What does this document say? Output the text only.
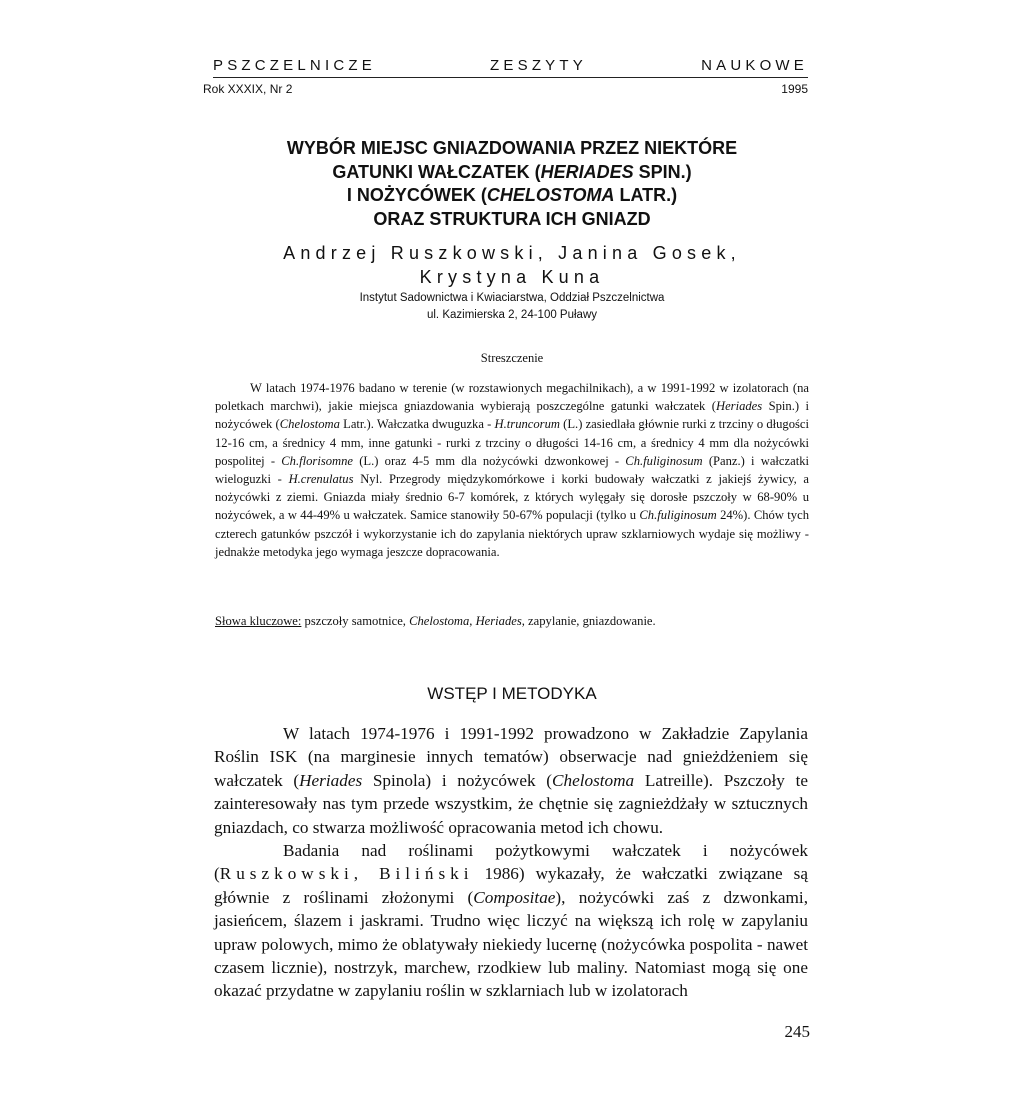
PSZCZELNICZE	ZESZYTY	NAUKOWE
Rok XXXIX, Nr 2	1995
WYBÓR MIEJSC GNIAZDOWANIA PRZEZ NIEKTÓRE
GATUNKI WAŁCZATEK (HERIADES SPIN.)
I NOŻYCÓWEK (CHELOSTOMA LATR.)
ORAZ STRUKTURA ICH GNIAZD
Andrzej Ruszkowski, Janina Gosek,
Krystyna Kuna
Instytut Sadownictwa i Kwiaciarstwa, Oddział Pszczelnictwa
ul. Kazimierska 2, 24-100 Puławy
Streszczenie

W latach 1974-1976 badano w terenie (w rozstawionych megachilnikach), a w 1991-1992 w izolatorach (na poletkach marchwi), jakie miejsca gniazdowania wybierają poszczególne gatunki wałczatek (Heriades Spin.) i nożycówek (Chelostoma Latr.). Wałczatka dwuguzka - H.truncorum (L.) zasiedlała głównie rurki z trzciny o długości 12-16 cm, a średnicy 4 mm, inne gatunki - rurki z trzciny o długości 14-16 cm, a średnicy 4 mm dla nożycówki pospolitej - Ch.florisomne (L.) oraz 4-5 mm dla nożycówki dzwonkowej - Ch.fuliginosum (Panz.) i wałczatki wieloguzki - H.crenulatus Nyl. Przegrody międzykomórkowe i korki budowały wałczatki z jakiejś żywicy, a nożycówki z ziemi. Gniazda miały średnio 6-7 komórek, z których wylęgały się dorosłe pszczoły w 68-90% u nożycówek, a w 44-49% u wałczatek. Samice stanowiły 50-67% populacji (tylko u Ch.fuliginosum 24%). Chów tych czterech gatunków pszczół i wykorzystanie ich do zapylania niektórych upraw szklarniowych wydaje się możliwy - jednakże metodyka jego wymaga jeszcze dopracowania.

Słowa kluczowe: pszczoły samotnice, Chelostoma, Heriades, zapylanie, gniazdowanie.
WSTĘP I METODYKA

W latach 1974-1976 i 1991-1992 prowadzono w Zakładzie Zapylania Roślin ISK (na marginesie innych tematów) obserwacje nad gnieżdżeniem się wałczatek (Heriades Spinola) i nożycówek (Chelostoma Latreille). Pszczoły te zainteresowały nas tym przede wszystkim, że chętnie się zagnieżdżały w sztucznych gniazdach, co stwarza możliwość opracowania metod ich chowu.

Badania nad roślinami pożytkowymi wałczatek i nożycówek (Ruszkowski, Biliński 1986) wykazały, że wałczatki związane są głównie z roślinami złożonymi (Compositae), nożycówki zaś z dzwonkami, jasieńcem, ślazem i jaskrami. Trudno więc liczyć na większą ich rolę w zapylaniu upraw polowych, mimo że oblatywały niekiedy lucernę (nożycówka pospolita - nawet czasem licznie), nostrzyk, marchew, rzodkiew lub maliny. Natomiast mogą się one okazać przydatne w zapylaniu roślin w szklarniach lub w izolatorach

245
